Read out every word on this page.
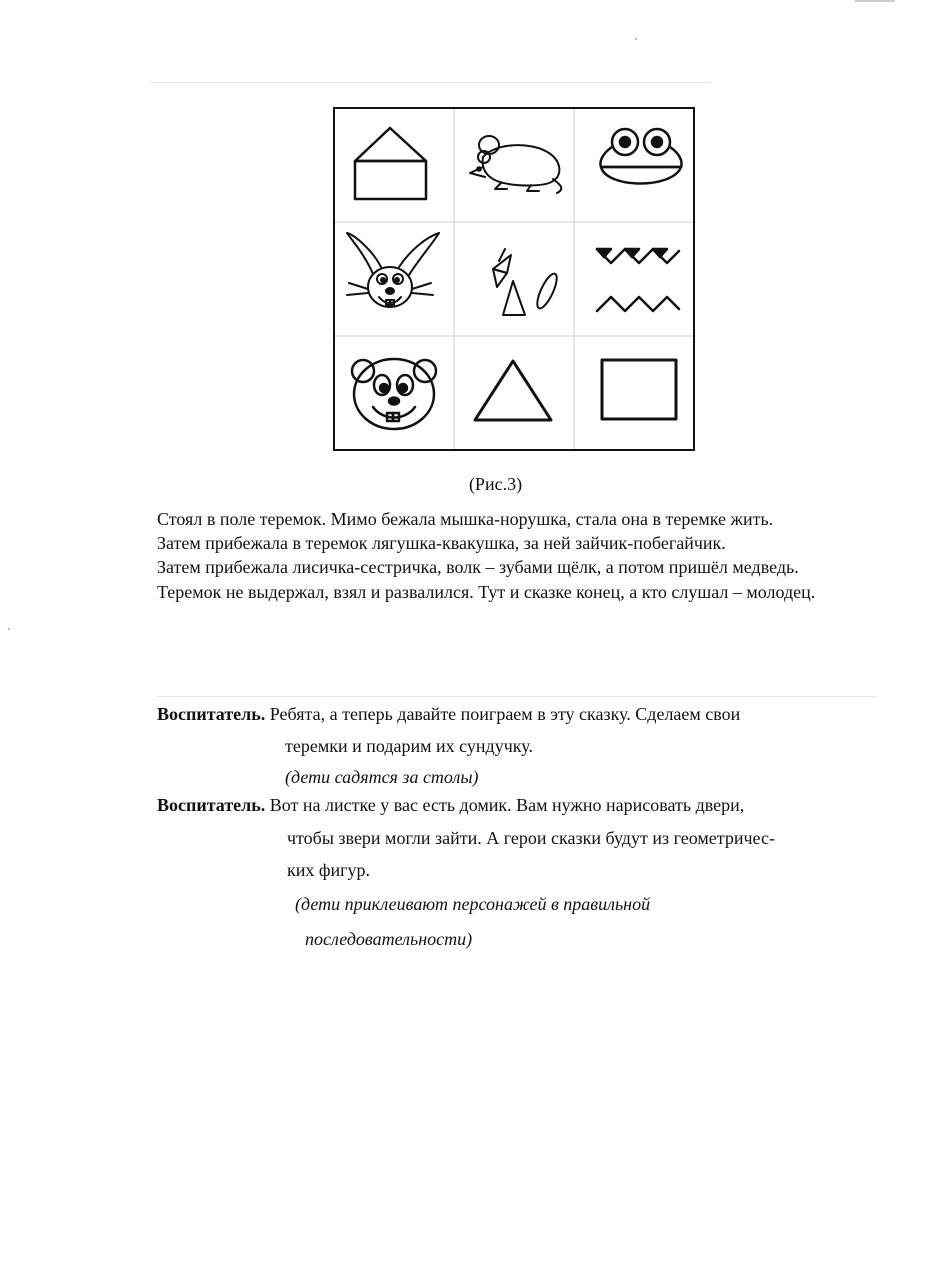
(Рис.3)

Стоял в поле теремок. Мимо бежала мышка-норушка, стала она в теремке жить.

Затем прибежала в теремок лягушка-квакушка, за ней зайчик-побегайчик.

Затем прибежала лисичка-сестричка, волк – зубами щёлк, а потом пришёл медведь.

Теремок не выдержал, взял и развалился. Тут и сказке конец, а кто слушал – молодец.

Воспитатель. Ребята, а теперь давайте поиграем в эту сказку. Сделаем свои
теремки и подарим их сундучку.
(дети садятся за столы)
Воспитатель. Вот на листке у вас есть домик. Вам нужно нарисовать двери,
чтобы звери могли зайти. А герои сказки будут из геометричес-
ких фигур.
(дети приклеивают персонажей в правильной
последовательности)
